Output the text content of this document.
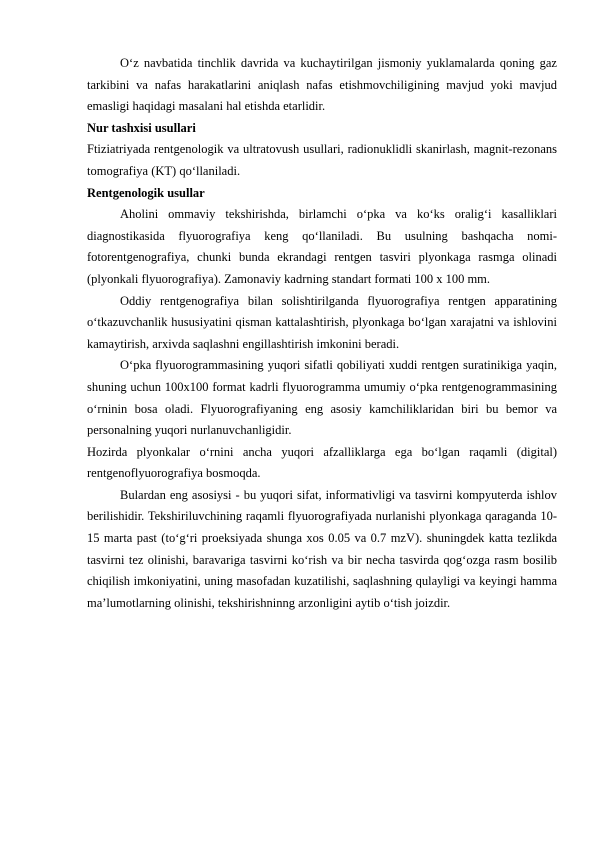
O‘z navbatida tinchlik davrida va kuchaytirilgan jismoniy yuklamalarda qoning gaz tarkibini va nafas harakatlarini aniqlash nafas etishmovchiligining mavjud yoki mavjud emasligi haqidagi masalani hal etishda etarlidir.

Nur tashxisi usullari

Ftiziatriyada rentgenologik va ultratovush usullari, radionuklidli skanirlash, magnit-rezonans tomografiya (KT) qo‘llaniladi.

Rentgenologik usullar

Aholini ommaviy tekshirishda, birlamchi o‘pka va ko‘ks oralig‘i kasalliklari diagnostikasida flyuorografiya keng qo‘llaniladi. Bu usulning bashqacha nomi- fotorentgenografiya, chunki bunda ekrandagi rentgen tasviri plyonkaga rasmga olinadi (plyonkali flyuorografiya). Zamonaviy kadrning standart formati 100 x 100 mm.

Oddiy rentgenografiya bilan solishtirilganda flyuorografiya rentgen apparatining o‘tkazuvchanlik hususiyatini qisman kattalashtirish, plyonkaga bo‘lgan xarajatni va ishlovini kamaytirish, arxivda saqlashni engillashtirish imkonini beradi.

O‘pka flyuorogrammasining yuqori sifatli qobiliyati xuddi rentgen suratinikiga yaqin, shuning uchun 100x100 format kadrli flyuorogramma umumiy o‘pka rentgenogrammasining o‘rninin bosa oladi. Flyuorografiyaning eng asosiy kamchiliklaridan biri bu bemor va personalning yuqori nurlanuvchanligidir.

Hozirda plyonkalar o‘rnini ancha yuqori afzalliklarga ega bo‘lgan raqamli (digital) rentgenoflyuorografiya bosmoqda.

Bulardan eng asosiysi - bu yuqori sifat, informativligi va tasvirni kompyuterda ishlov berilishidir. Tekshiriluvchining raqamli flyuorografiyada nurlanishi plyonkaga qaraganda 10-15 marta past (to‘g‘ri proeksiyada shunga xos 0.05 va 0.7 mzV). shuningdek katta tezlikda tasvirni tez olinishi, baravariga tasvirni ko‘rish va bir necha tasvirda qog‘ozga rasm bosilib chiqilish imkoniyatini, uning masofadan kuzatilishi, saqlashning qulayligi va keyingi hamma ma’lumotlarning olinishi, tekshirishninng arzonligini aytib o‘tish joizdir.
